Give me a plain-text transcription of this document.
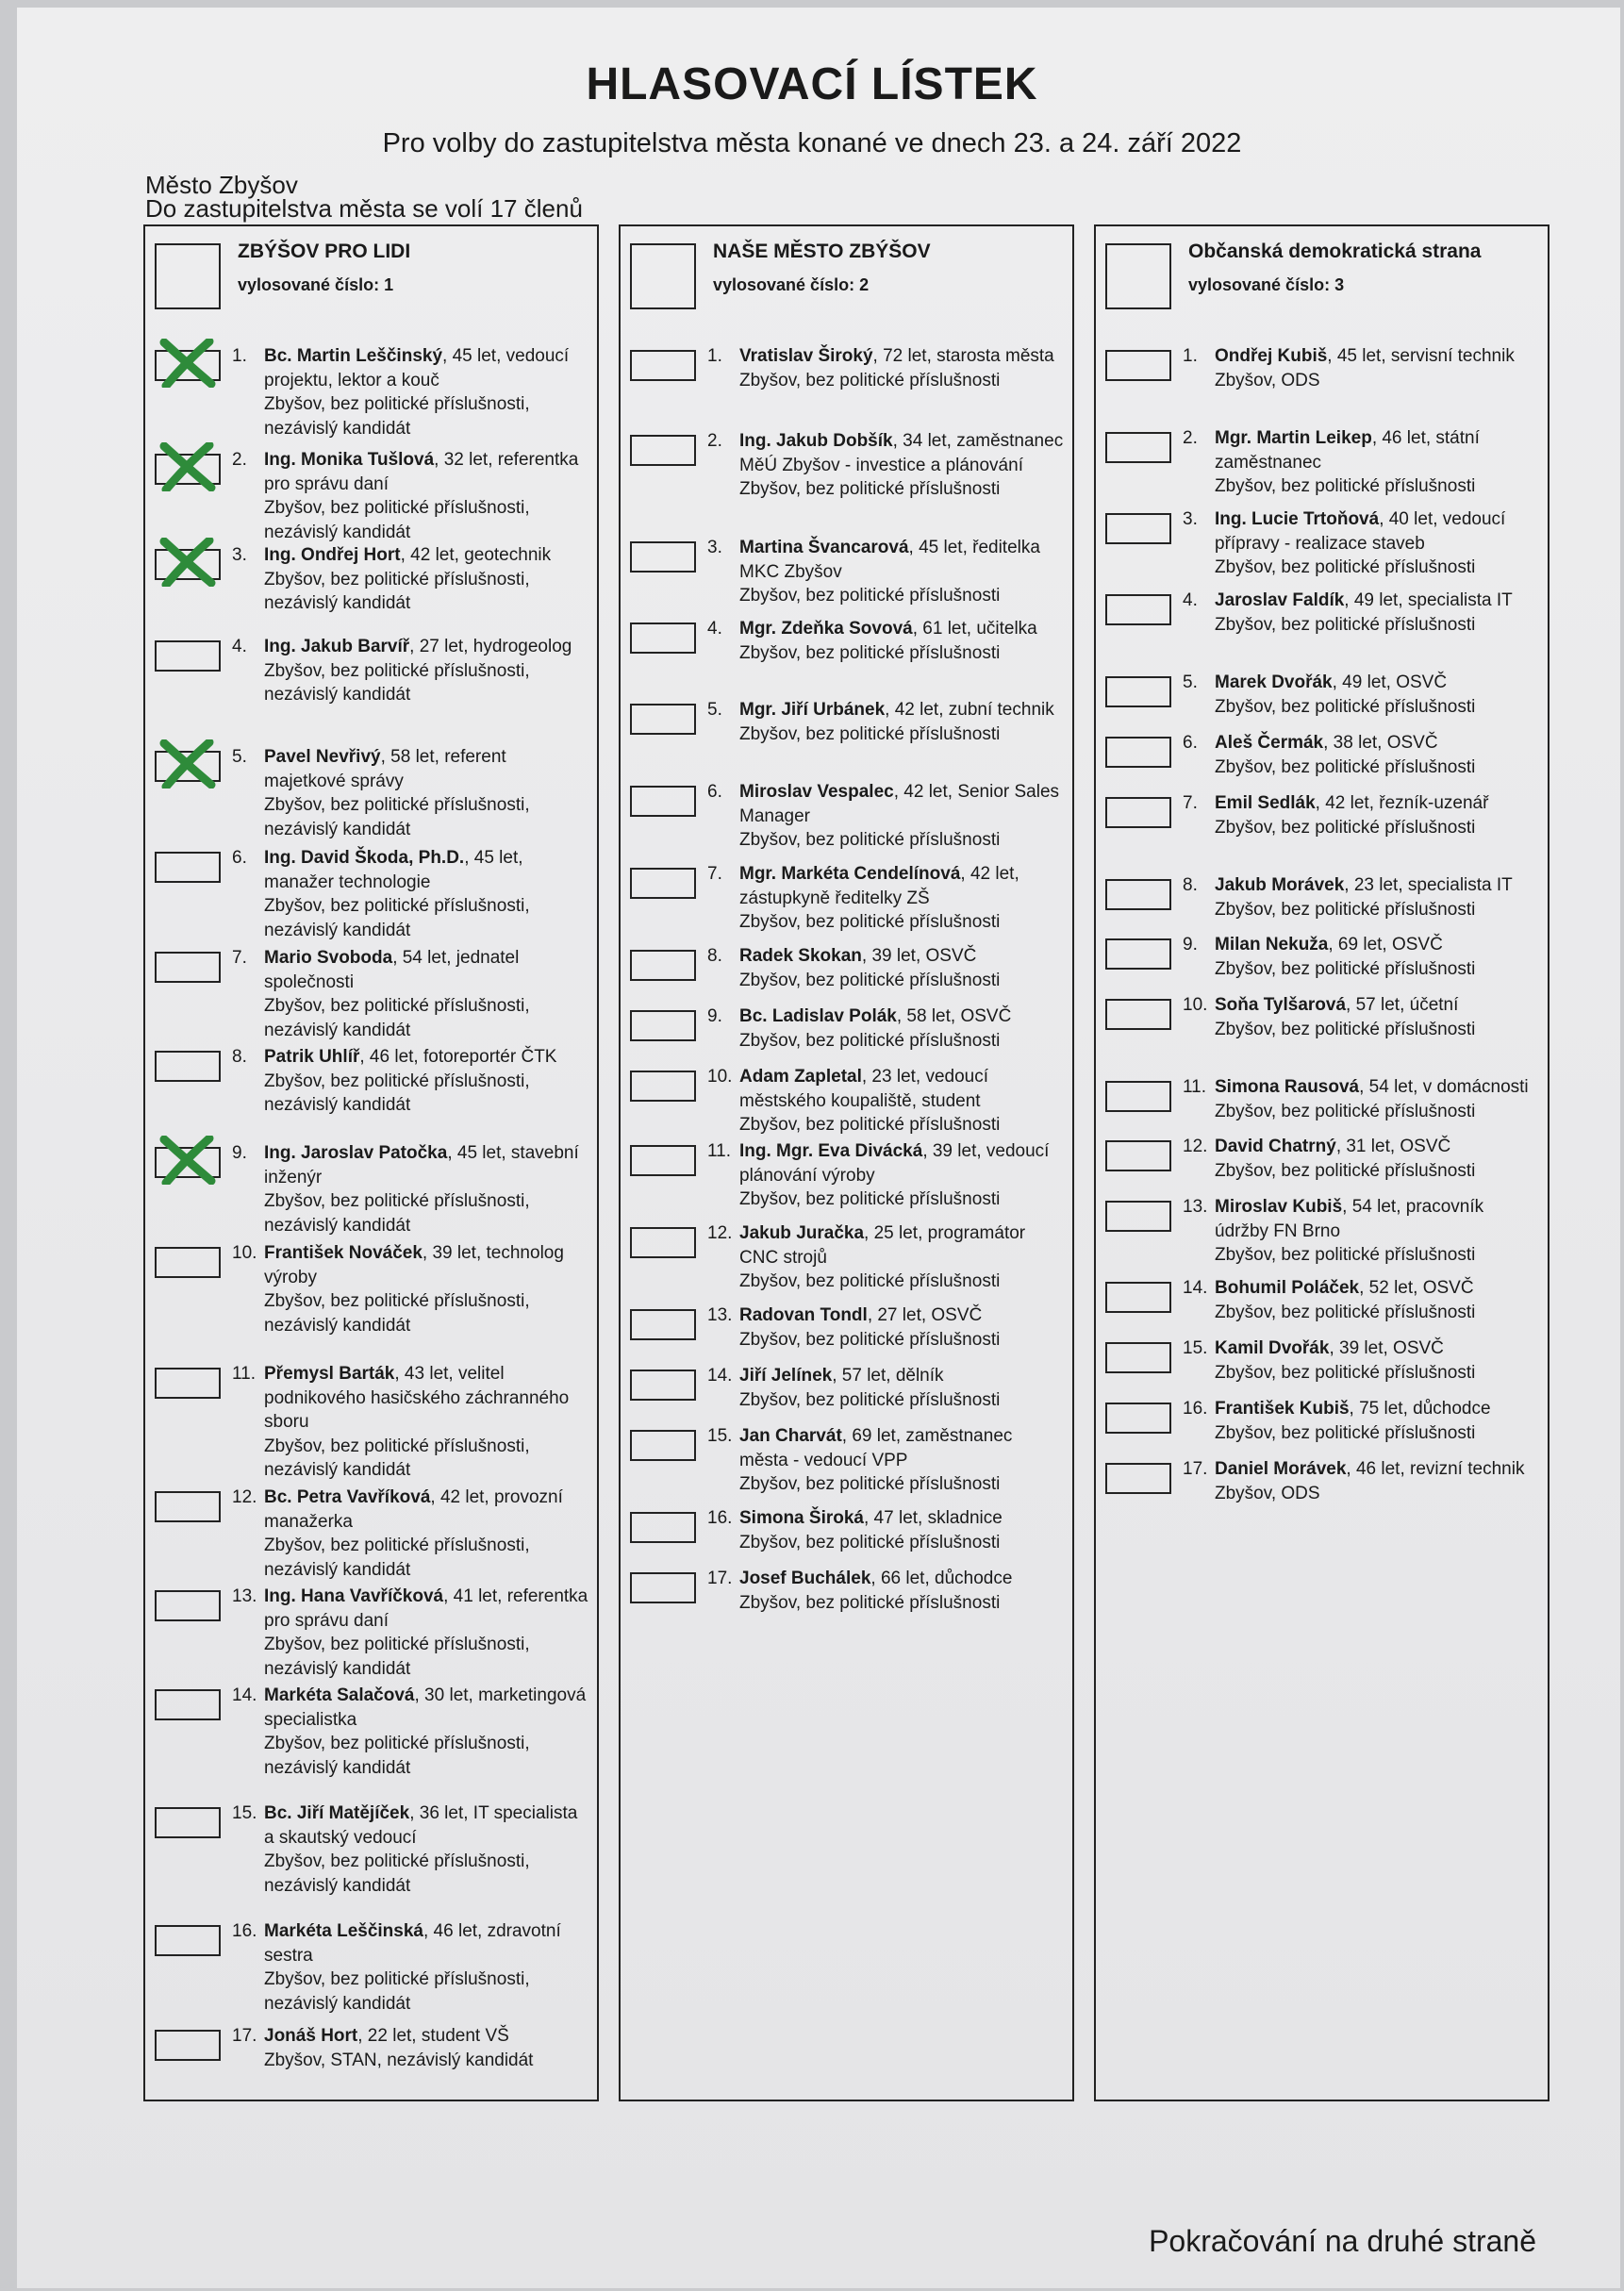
HLASOVACÍ LÍSTEK
Pro volby do zastupitelstva města konané ve dnech 23. a 24. září 2022
Město Zbyšov
Do zastupitelstva města se volí 17 členů
ZBÝŠOV PRO LIDI
vylosované číslo: 1
1. Bc. Martin Leščinský, 45 let, vedoucí projektu, lektor a kouč
Zbyšov, bez politické příslušnosti, nezávislý kandidát
2. Ing. Monika Tušlová, 32 let, referentka pro správu daní
Zbyšov, bez politické příslušnosti, nezávislý kandidát
3. Ing. Ondřej Hort, 42 let, geotechnik
Zbyšov, bez politické příslušnosti, nezávislý kandidát
4. Ing. Jakub Barvíř, 27 let, hydrogeolog
Zbyšov, bez politické příslušnosti, nezávislý kandidát
5. Pavel Nevřivý, 58 let, referent majetkové správy
Zbyšov, bez politické příslušnosti, nezávislý kandidát
6. Ing. David Škoda, Ph.D., 45 let, manažer technologie
Zbyšov, bez politické příslušnosti, nezávislý kandidát
7. Mario Svoboda, 54 let, jednatel společnosti
Zbyšov, bez politické příslušnosti, nezávislý kandidát
8. Patrik Uhlíř, 46 let, fotoreportér ČTK
Zbyšov, bez politické příslušnosti, nezávislý kandidát
9. Ing. Jaroslav Patočka, 45 let, stavební inženýr
Zbyšov, bez politické příslušnosti, nezávislý kandidát
10. František Nováček, 39 let, technolog výroby
Zbyšov, bez politické příslušnosti, nezávislý kandidát
11. Přemysl Barták, 43 let, velitel podnikového hasičského záchranného sboru
Zbyšov, bez politické příslušnosti, nezávislý kandidát
12. Bc. Petra Vavříková, 42 let, provozní manažerka
Zbyšov, bez politické příslušnosti, nezávislý kandidát
13. Ing. Hana Vavříčková, 41 let, referentka pro správu daní
Zbyšov, bez politické příslušnosti, nezávislý kandidát
14. Markéta Salačová, 30 let, marketingová specialistka
Zbyšov, bez politické příslušnosti, nezávislý kandidát
15. Bc. Jiří Matějíček, 36 let, IT specialista a skautský vedoucí
Zbyšov, bez politické příslušnosti, nezávislý kandidát
16. Markéta Leščinská, 46 let, zdravotní sestra
Zbyšov, bez politické příslušnosti, nezávislý kandidát
17. Jonáš Hort, 22 let, student VŠ
Zbyšov, STAN, nezávislý kandidát
NAŠE MĚSTO ZBÝŠOV
vylosované číslo: 2
1. Vratislav Široký, 72 let, starosta města
Zbyšov, bez politické příslušnosti
2. Ing. Jakub Dobšík, 34 let, zaměstnanec MěÚ Zbyšov - investice a plánování
Zbyšov, bez politické příslušnosti
3. Martina Švancarová, 45 let, ředitelka MKC Zbyšov
Zbyšov, bez politické příslušnosti
4. Mgr. Zdeňka Sovová, 61 let, učitelka
Zbyšov, bez politické příslušnosti
5. Mgr. Jiří Urbánek, 42 let, zubní technik
Zbyšov, bez politické příslušnosti
6. Miroslav Vespalec, 42 let, Senior Sales Manager
Zbyšov, bez politické příslušnosti
7. Mgr. Markéta Cendelínová, 42 let, zástupkyně ředitelky ZŠ
Zbyšov, bez politické příslušnosti
8. Radek Skokan, 39 let, OSVČ
Zbyšov, bez politické příslušnosti
9. Bc. Ladislav Polák, 58 let, OSVČ
Zbyšov, bez politické příslušnosti
10. Adam Zapletal, 23 let, vedoucí městského koupaliště, student
Zbyšov, bez politické příslušnosti
11. Ing. Mgr. Eva Divácká, 39 let, vedoucí plánování výroby
Zbyšov, bez politické příslušnosti
12. Jakub Juračka, 25 let, programátor CNC strojů
Zbyšov, bez politické příslušnosti
13. Radovan Tondl, 27 let, OSVČ
Zbyšov, bez politické příslušnosti
14. Jiří Jelínek, 57 let, dělník
Zbyšov, bez politické příslušnosti
15. Jan Charvát, 69 let, zaměstnanec města - vedoucí VPP
Zbyšov, bez politické příslušnosti
16. Simona Široká, 47 let, skladnice
Zbyšov, bez politické příslušnosti
17. Josef Buchálek, 66 let, důchodce
Zbyšov, bez politické příslušnosti
Občanská demokratická strana
vylosované číslo: 3
1. Ondřej Kubiš, 45 let, servisní technik
Zbyšov, ODS
2. Mgr. Martin Leikep, 46 let, státní zaměstnanec
Zbyšov, bez politické příslušnosti
3. Ing. Lucie Trtoňová, 40 let, vedoucí přípravy - realizace staveb
Zbyšov, bez politické příslušnosti
4. Jaroslav Faldík, 49 let, specialista IT
Zbyšov, bez politické příslušnosti
5. Marek Dvořák, 49 let, OSVČ
Zbyšov, bez politické příslušnosti
6. Aleš Čermák, 38 let, OSVČ
Zbyšov, bez politické příslušnosti
7. Emil Sedlák, 42 let, řezník-uzenář
Zbyšov, bez politické příslušnosti
8. Jakub Morávek, 23 let, specialista IT
Zbyšov, bez politické příslušnosti
9. Milan Nekuža, 69 let, OSVČ
Zbyšov, bez politické příslušnosti
10. Soňa Tylšarová, 57 let, účetní
Zbyšov, bez politické příslušnosti
11. Simona Rausová, 54 let, v domácnosti
Zbyšov, bez politické příslušnosti
12. David Chatrný, 31 let, OSVČ
Zbyšov, bez politické příslušnosti
13. Miroslav Kubiš, 54 let, pracovník údržby FN Brno
Zbyšov, bez politické příslušnosti
14. Bohumil Poláček, 52 let, OSVČ
Zbyšov, bez politické příslušnosti
15. Kamil Dvořák, 39 let, OSVČ
Zbyšov, bez politické příslušnosti
16. František Kubiš, 75 let, důchodce
Zbyšov, bez politické příslušnosti
17. Daniel Morávek, 46 let, revizní technik
Zbyšov, ODS
Pokračování na druhé straně
